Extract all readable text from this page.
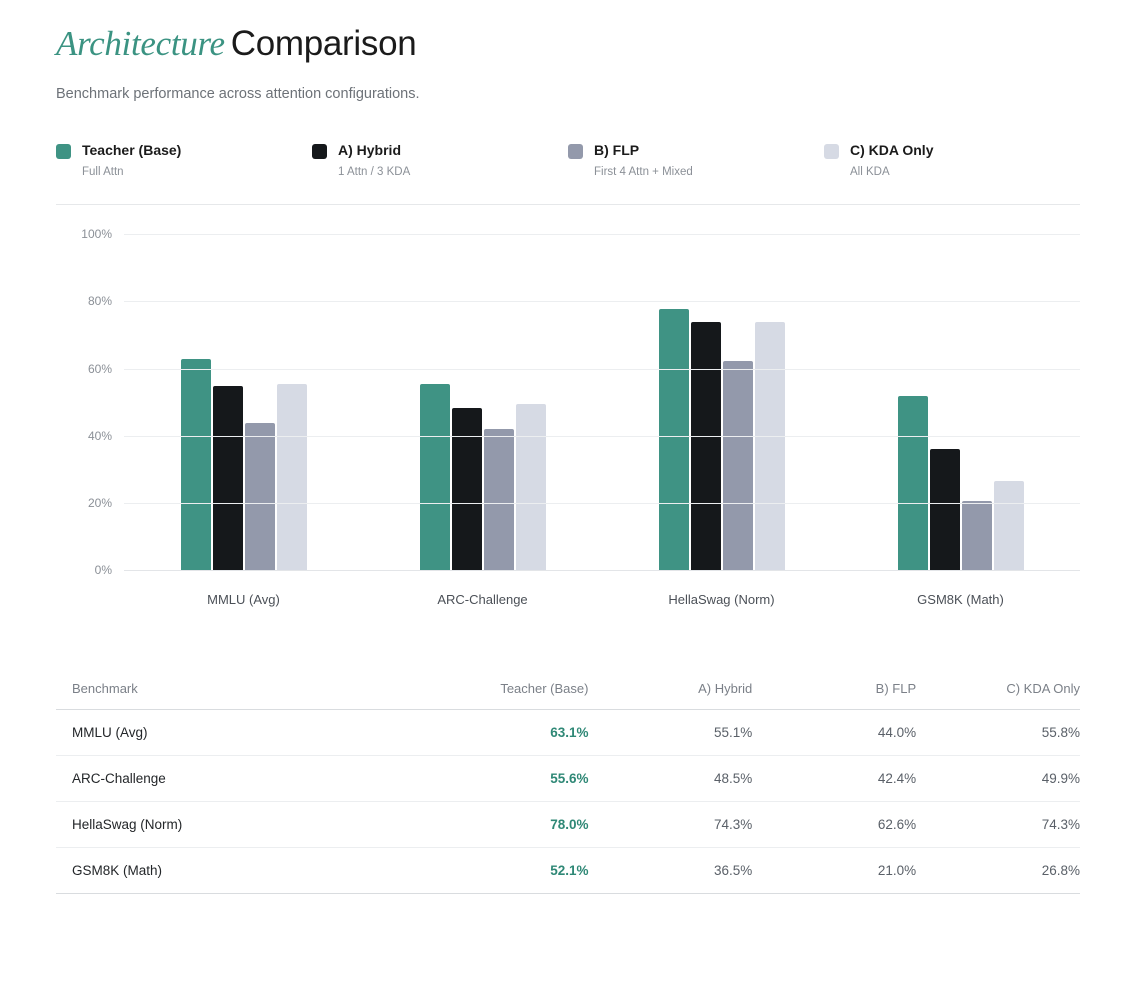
Architecture Comparison
Benchmark performance across attention configurations.
Teacher (Base)
Full Attn
A) Hybrid
1 Attn / 3 KDA
B) FLP
First 4 Attn + Mixed
C) KDA Only
All KDA
MMLU (Avg)	ARC-Challenge	HellaSwag (Norm)	GSM8K (Math)
0%
20%
40%
60%
80%
100%
Benchmark	Teacher (Base)	A) Hybrid	B) FLP	C) KDA Only
MMLU (Avg)	63.1%	55.1%	44.0%	55.8%
ARC-Challenge	55.6%	48.5%	42.4%	49.9%
HellaSwag (Norm)	78.0%	74.3%	62.6%	74.3%
GSM8K (Math)	52.1%	36.5%	21.0%	26.8%
